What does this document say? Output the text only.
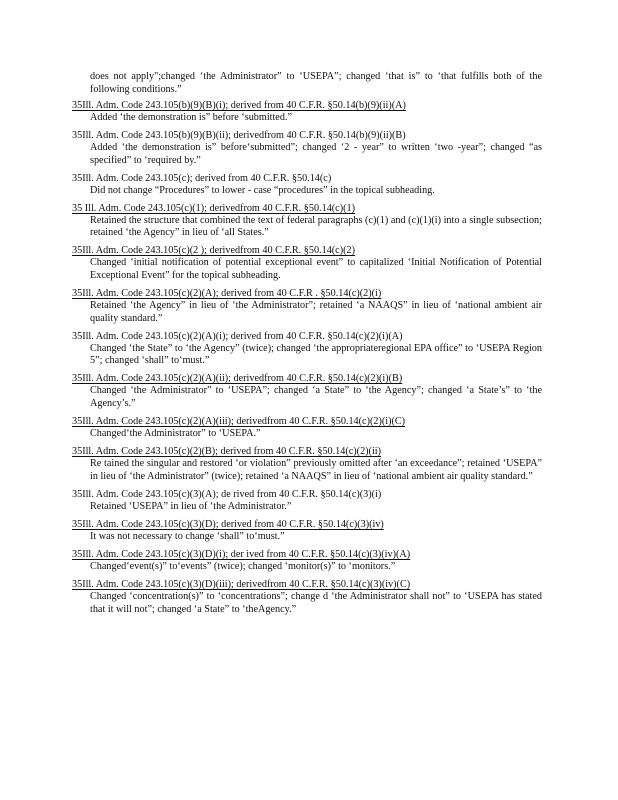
does not apply";changed ‘the Administrator” to ‘USEPA”; changed ‘that is” to ‘that fulfills both of the following conditions.”
35Ill. Adm. Code 243.105(b)(9)(B)(i); derived from 40 C.F.R. §50.14(b)(9)(ii)(A)
Added ‘the demonstration is” before ‘submitted.”
35Ill. Adm. Code 243.105(b)(9)(B)(ii); derivedfrom 40 C.F.R. §50.14(b)(9)(ii)(B)
Added ‘the demonstration is” before‘submitted”; changed ‘2 - year” to written ‘two -year”; changed “as specified” to ‘required by.”
35Ill. Adm. Code 243.105(c); derived from 40 C.F.R. §50.14(c)
Did not change “Procedures” to lower - case “procedures” in the topical subheading.
35 Ill. Adm. Code 243.105(c)(1); derivedfrom 40 C.F.R. §50.14(c)(1)
Retained the structure that combined the text of federal paragraphs (c)(1) and (c)(1)(i) into a single subsection; retained ‘the Agency” in lieu of ‘all States.”
35Ill. Adm. Code 243.105(c)(2 ); derivedfrom 40 C.F.R. §50.14(c)(2)
Changed ‘initial notification of potential exceptional event” to capitalized ‘Initial Notification of Potential Exceptional Event” for the topical subheading.
35Ill. Adm. Code 243.105(c)(2)(A); derived from 40 C.F.R . §50.14(c)(2)(i)
Retained ‘the Agency” in lieu of ‘the Administrator”; retained ‘a NAAQS” in lieu of ‘national ambient air quality standard.”
35Ill. Adm. Code 243.105(c)(2)(A)(i); derived from 40 C.F.R. §50.14(c)(2)(i)(A)
Changed ‘the State” to ‘the Agency” (twice); changed ‘the appropriateregional EPA office” to ‘USEPA Region 5”; changed ‘shall” to‘must.”
35Ill. Adm. Code 243.105(c)(2)(A)(ii); derivedfrom 40 C.F.R. §50.14(c)(2)(i)(B)
Changed ‘the Administrator” to ‘USEPA”; changed ‘a State” to ‘the Agency”; changed ‘a State’s” to ‘the Agency’s.”
35Ill. Adm. Code 243.105(c)(2)(A)(iii); derivedfrom 40 C.F.R. §50.14(c)(2)(i)(C)
Changed‘the Administrator” to ‘USEPA.”
35Ill. Adm. Code 243.105(c)(2)(B); derived from 40 C.F.R. §50.14(c)(2)(ii)
Re tained the singular and restored ‘or violation” previously omitted after ‘an exceedance”; retained ‘USEPA” in lieu of ‘the Administrator” (twice); retained ‘a NAAQS” in lieu of ‘national ambient air quality standard.”
35Ill. Adm. Code 243.105(c)(3)(A); de rived from 40 C.F.R. §50.14(c)(3)(i)
Retained ‘USEPA” in lieu of ‘the Administrator.”
35Ill. Adm. Code 243.105(c)(3)(D); derived from 40 C.F.R. §50.14(c)(3)(iv)
It was not necessary to change ‘shall” to‘must.”
35Ill. Adm. Code 243.105(c)(3)(D)(i); der ived from 40 C.F.R. §50.14(c)(3)(iv)(A)
Changed‘event(s)” to‘events” (twice); changed ‘monitor(s)” to ‘monitors.”
35Ill. Adm. Code 243.105(c)(3)(D)(iii); derivedfrom 40 C.F.R. §50.14(c)(3)(iv)(C)
Changed ‘concentration(s)” to ‘concentrations”; change d ‘the Administrator shall not” to ‘USEPA has stated that it will not”; changed ‘a State” to ‘theAgency.”
